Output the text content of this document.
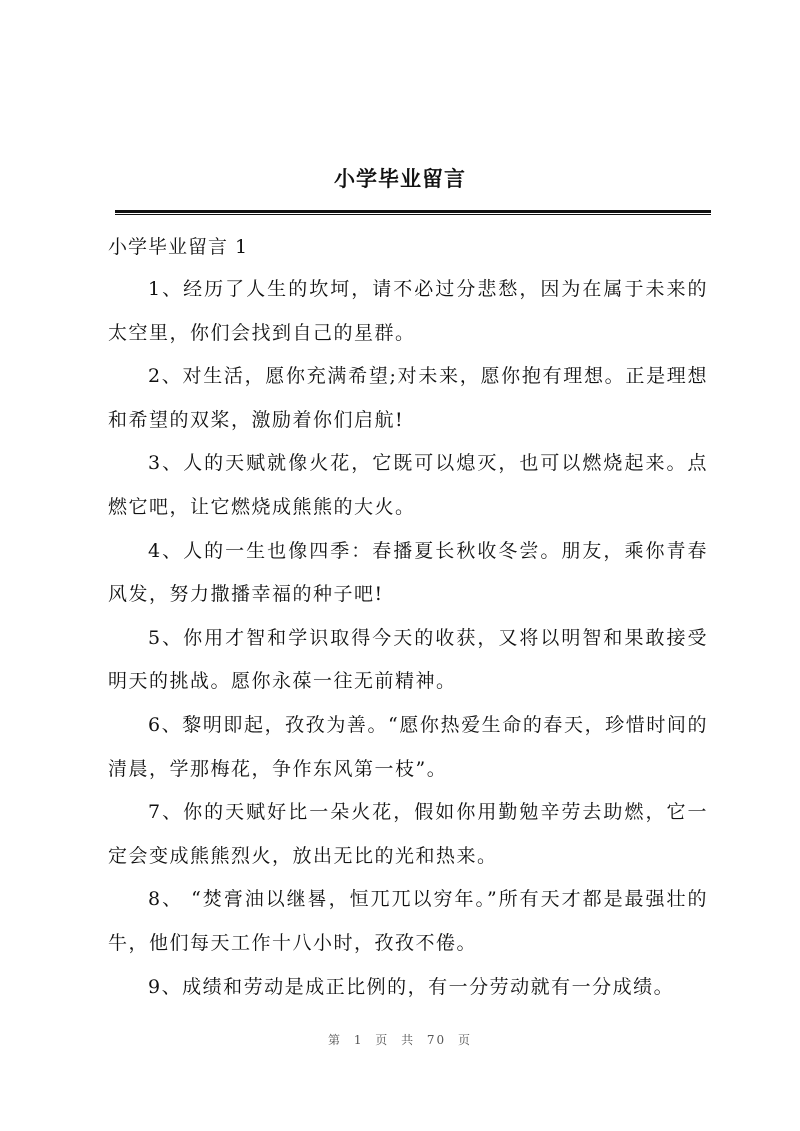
小学毕业留言
小学毕业留言 1

1、经历了人生的坎坷，请不必过分悲愁，因为在属于未来的太空里，你们会找到自己的星群。

2、对生活，愿你充满希望;对未来，愿你抱有理想。正是理想和希望的双桨，激励着你们启航!

3、人的天赋就像火花，它既可以熄灭，也可以燃烧起来。点燃它吧，让它燃烧成熊熊的大火。

4、人的一生也像四季：春播夏长秋收冬尝。朋友，乘你青春风发，努力撒播幸福的种子吧!

5、你用才智和学识取得今天的收获，又将以明智和果敢接受明天的挑战。愿你永葆一往无前精神。

6、黎明即起，孜孜为善。“愿你热爱生命的春天，珍惜时间的清晨，学那梅花，争作东风第一枝”。

7、你的天赋好比一朵火花，假如你用勤勉辛劳去助燃，它一定会变成熊熊烈火，放出无比的光和热来。

8、 “焚膏油以继晷，恒兀兀以穷年。”所有天才都是最强壮的牛，他们每天工作十八小时，孜孜不倦。

9、成绩和劳动是成正比例的，有一分劳动就有一分成绩。

第 1 页 共 70 页
